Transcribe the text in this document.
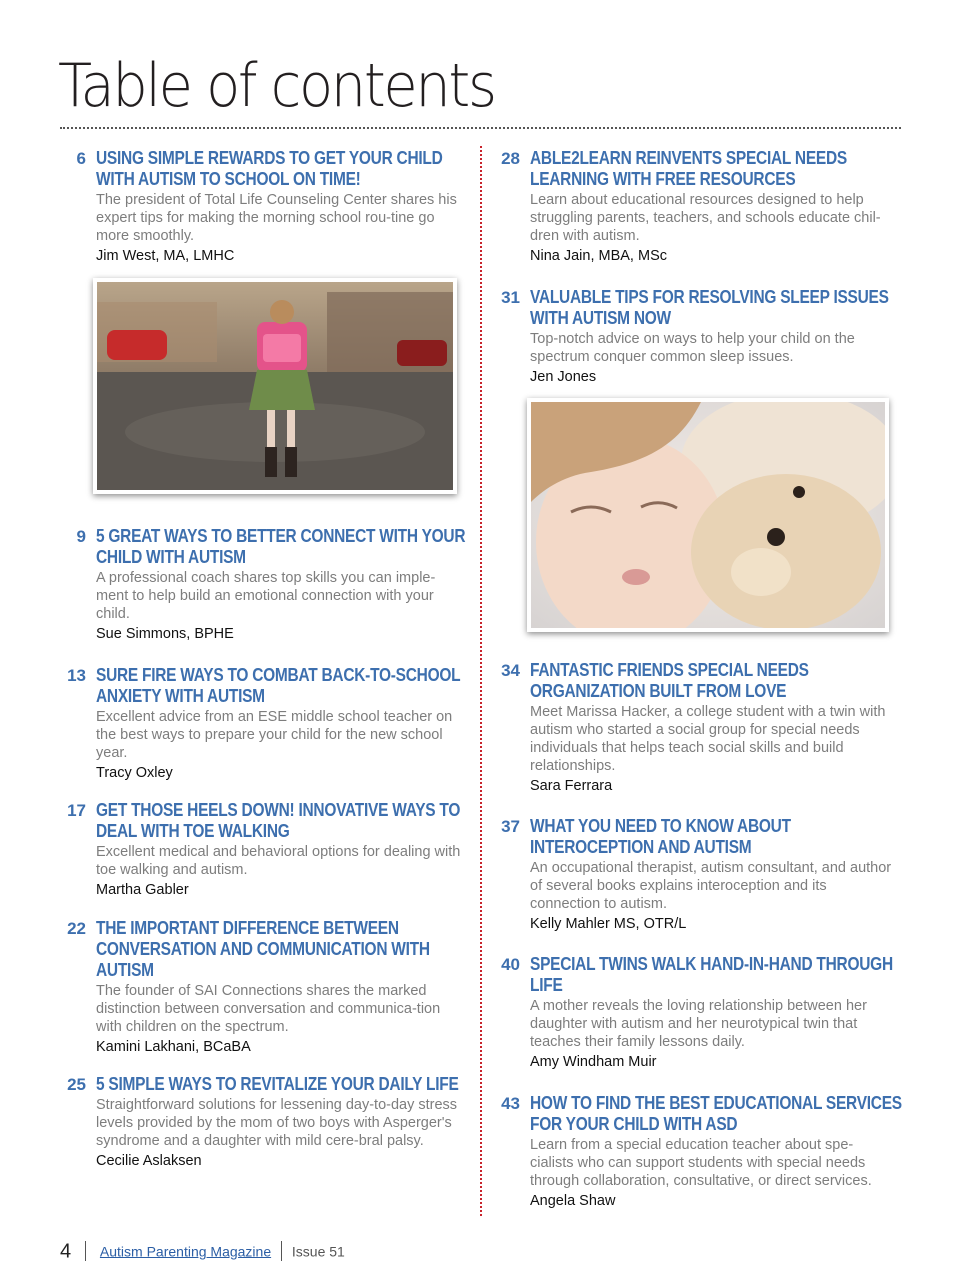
Table of contents
6 USING SIMPLE REWARDS TO GET YOUR CHILD WITH AUTISM TO SCHOOL ON TIME!

The president of Total Life Counseling Center shares his expert tips for making the morning school rou-tine go more smoothly.

Jim West, MA, LMHC

9 5 GREAT WAYS TO BETTER CONNECT WITH YOUR CHILD WITH AUTISM

A professional coach shares top skills you can imple-ment to help build an emotional connection with your child.

Sue Simmons, BPHE

13 SURE FIRE WAYS TO COMBAT BACK-TO-SCHOOL ANXIETY WITH AUTISM

Excellent advice from an ESE middle school teacher on the best ways to prepare your child for the new school year.

Tracy Oxley

17 GET THOSE HEELS DOWN! INNOVATIVE WAYS TO DEAL WITH TOE WALKING

Excellent medical and behavioral options for dealing with toe walking and autism.

Martha Gabler

22 THE IMPORTANT DIFFERENCE BETWEEN CONVERSATION AND COMMUNICATION WITH AUTISM

The founder of SAI Connections shares the marked distinction between conversation and communica-tion with children on the spectrum.

Kamini Lakhani, BCaBA

25 5 SIMPLE WAYS TO REVITALIZE YOUR DAILY LIFE

Straightforward solutions for lessening day-to-day stress levels provided by the mom of two boys with Asperger's syndrome and a daughter with mild cere-bral palsy.

Cecilie Aslaksen

28 ABLE2LEARN REINVENTS SPECIAL NEEDS LEARNING WITH FREE RESOURCES

Learn about educational resources designed to help struggling parents, teachers, and schools educate chil-dren with autism.

Nina Jain, MBA, MSc

31 VALUABLE TIPS FOR RESOLVING SLEEP ISSUES WITH AUTISM NOW

Top-notch advice on ways to help your child on the spectrum conquer common sleep issues.

Jen Jones

34 FANTASTIC FRIENDS SPECIAL NEEDS ORGANIZATION BUILT FROM LOVE

Meet Marissa Hacker, a college student with a twin with autism who started a social group for special needs individuals that helps teach social skills and build relationships.

Sara Ferrara

37 WHAT YOU NEED TO KNOW ABOUT INTEROCEPTION AND AUTISM

An occupational therapist, autism consultant, and author of several books explains interoception and its connection to autism.

Kelly Mahler MS, OTR/L

40 SPECIAL TWINS WALK HAND-IN-HAND THROUGH LIFE

A mother reveals the loving relationship between her daughter with autism and her neurotypical twin that teaches their family lessons daily.

Amy Windham Muir

43 HOW TO FIND THE BEST EDUCATIONAL SERVICES FOR YOUR CHILD WITH ASD

Learn from a special education teacher about spe-cialists who can support students with special needs through collaboration, consultative, or direct services.

Angela Shaw

4 Autism Parenting Magazine Issue 51
